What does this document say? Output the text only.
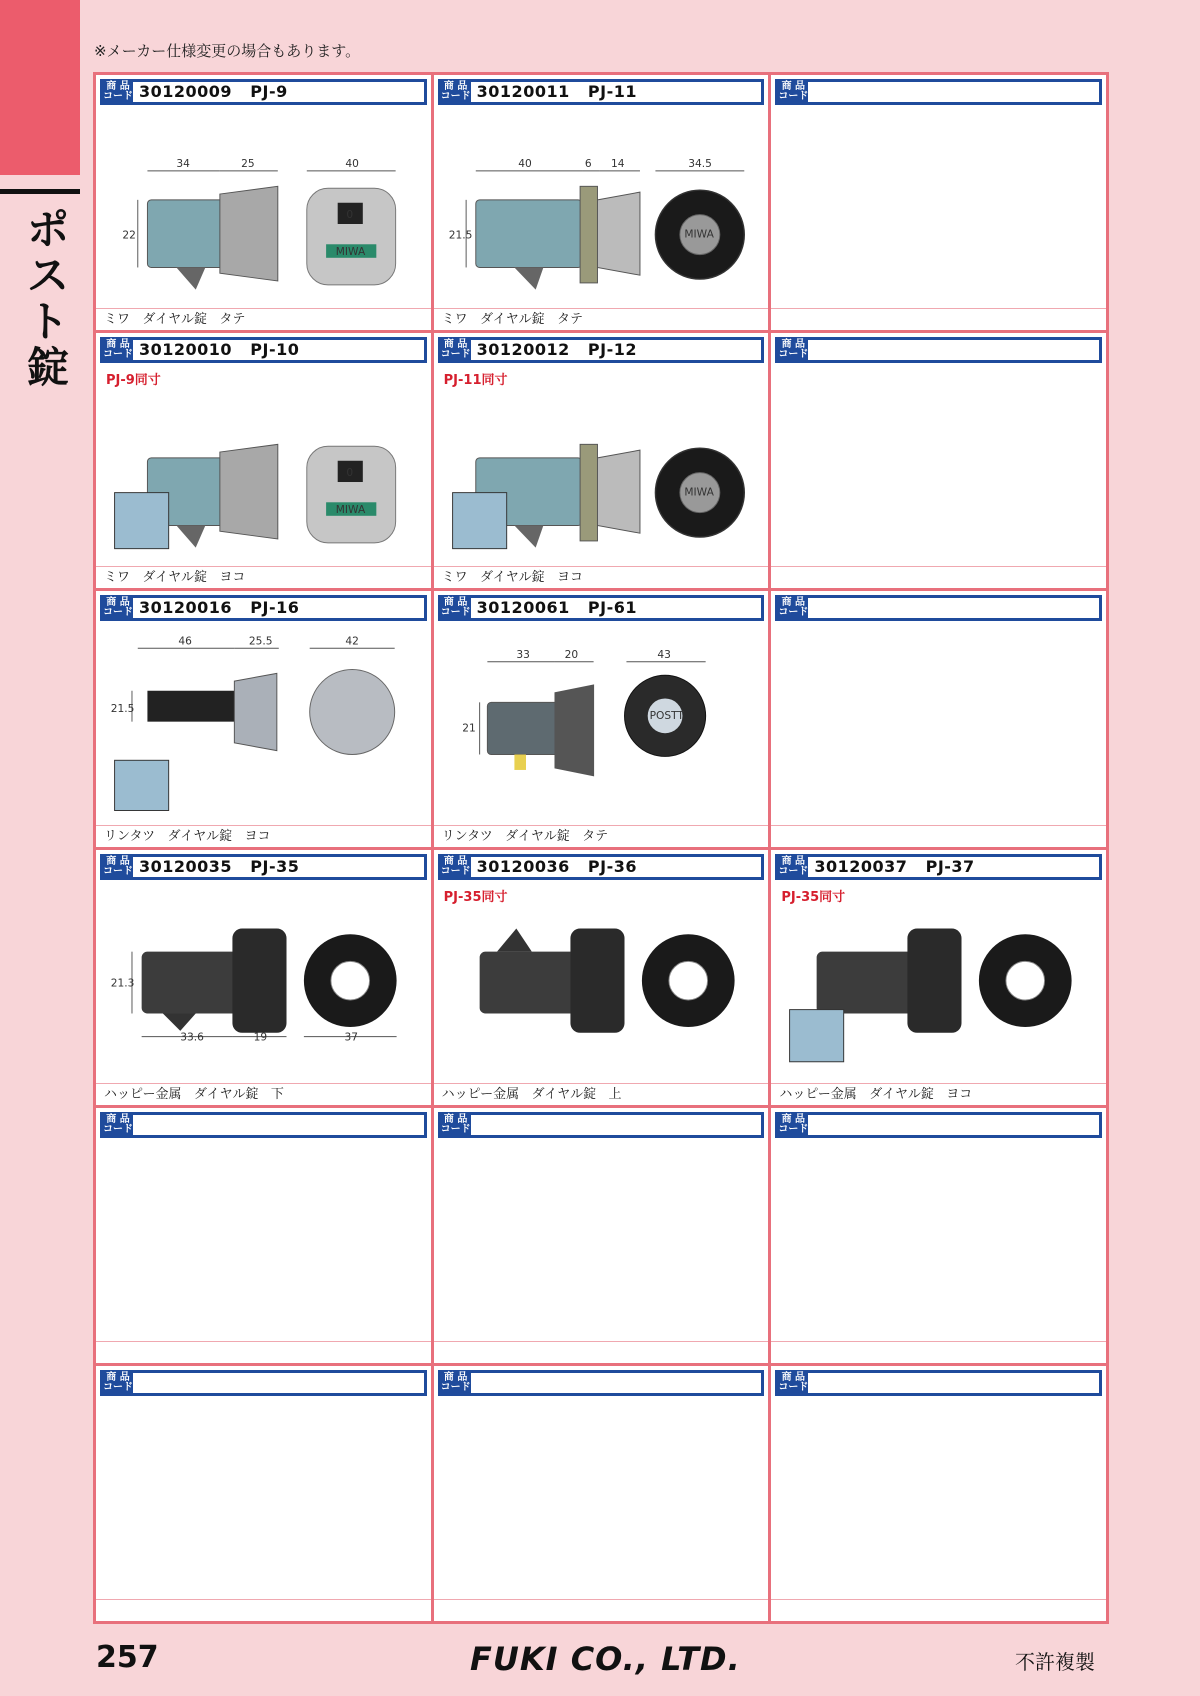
ポ
ス
ト
錠
※メーカー仕様変更の場合もあります。
商 品
コード 30120009   PJ-9
0
MIWA
34	25
22
40
ミワ   ダイヤル錠   タテ
商 品
コード 30120011   PJ-11
MIWA
40	6 14
21.5
34.5
ミワ   ダイヤル錠   タテ
商 品
コード
商 品
コード 30120010   PJ-10
0
MIWA
PJ-9同寸
ミワ   ダイヤル錠   ヨコ
商 品
コード 30120012   PJ-12
MIWA
PJ-11同寸
ミワ   ダイヤル錠   ヨコ
商 品
コード
商 品
コード 30120016   PJ-16
46	25.5
21.5
42
リンタツ   ダイヤル錠   ヨコ
商 品
コード 30120061   PJ-61
POSTT
33	20
21
43
リンタツ   ダイヤル錠   タテ
商 品
コード
商 品
コード 30120035   PJ-35
21.3
33.6	19	37
ハッピー金属   ダイヤル錠   下
商 品
コード 30120036   PJ-36
PJ-35同寸
ハッピー金属   ダイヤル錠   上
商 品
コード 30120037   PJ-37
PJ-35同寸
ハッピー金属   ダイヤル錠   ヨコ
商 品
コード
商 品
コード
商 品
コード
商 品
コード
商 品
コード
商 品
コード
257	FUKI CO., LTD.	不許複製
